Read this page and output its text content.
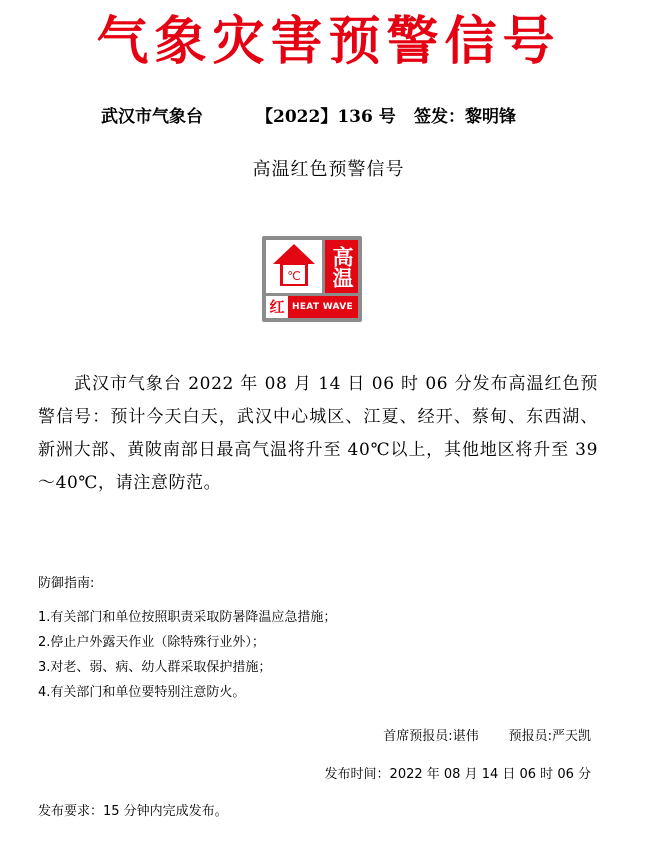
气象灾害预警信号
武汉市气象台	【2022】136 号 签发：黎明锋
高温红色预警信号
℃ 高温
红 HEAT WAVE
武汉市气象台 2022 年 08 月 14 日 06 时 06 分发布高温红色预警信号：预计今天白天，武汉中心城区、江夏、经开、蔡甸、东西湖、新洲大部、黄陂南部日最高气温将升至 40℃以上，其他地区将升至 39～40℃，请注意防范。
防御指南:
1.有关部门和单位按照职责采取防暑降温应急措施；
2.停止户外露天作业（除特殊行业外）；
3.对老、弱、病、幼人群采取保护措施；
4.有关部门和单位要特别注意防火。
首席预报员:谌伟 预报员:严天凯
发布时间：2022 年 08 月 14 日 06 时 06 分
发布要求：15 分钟内完成发布。
